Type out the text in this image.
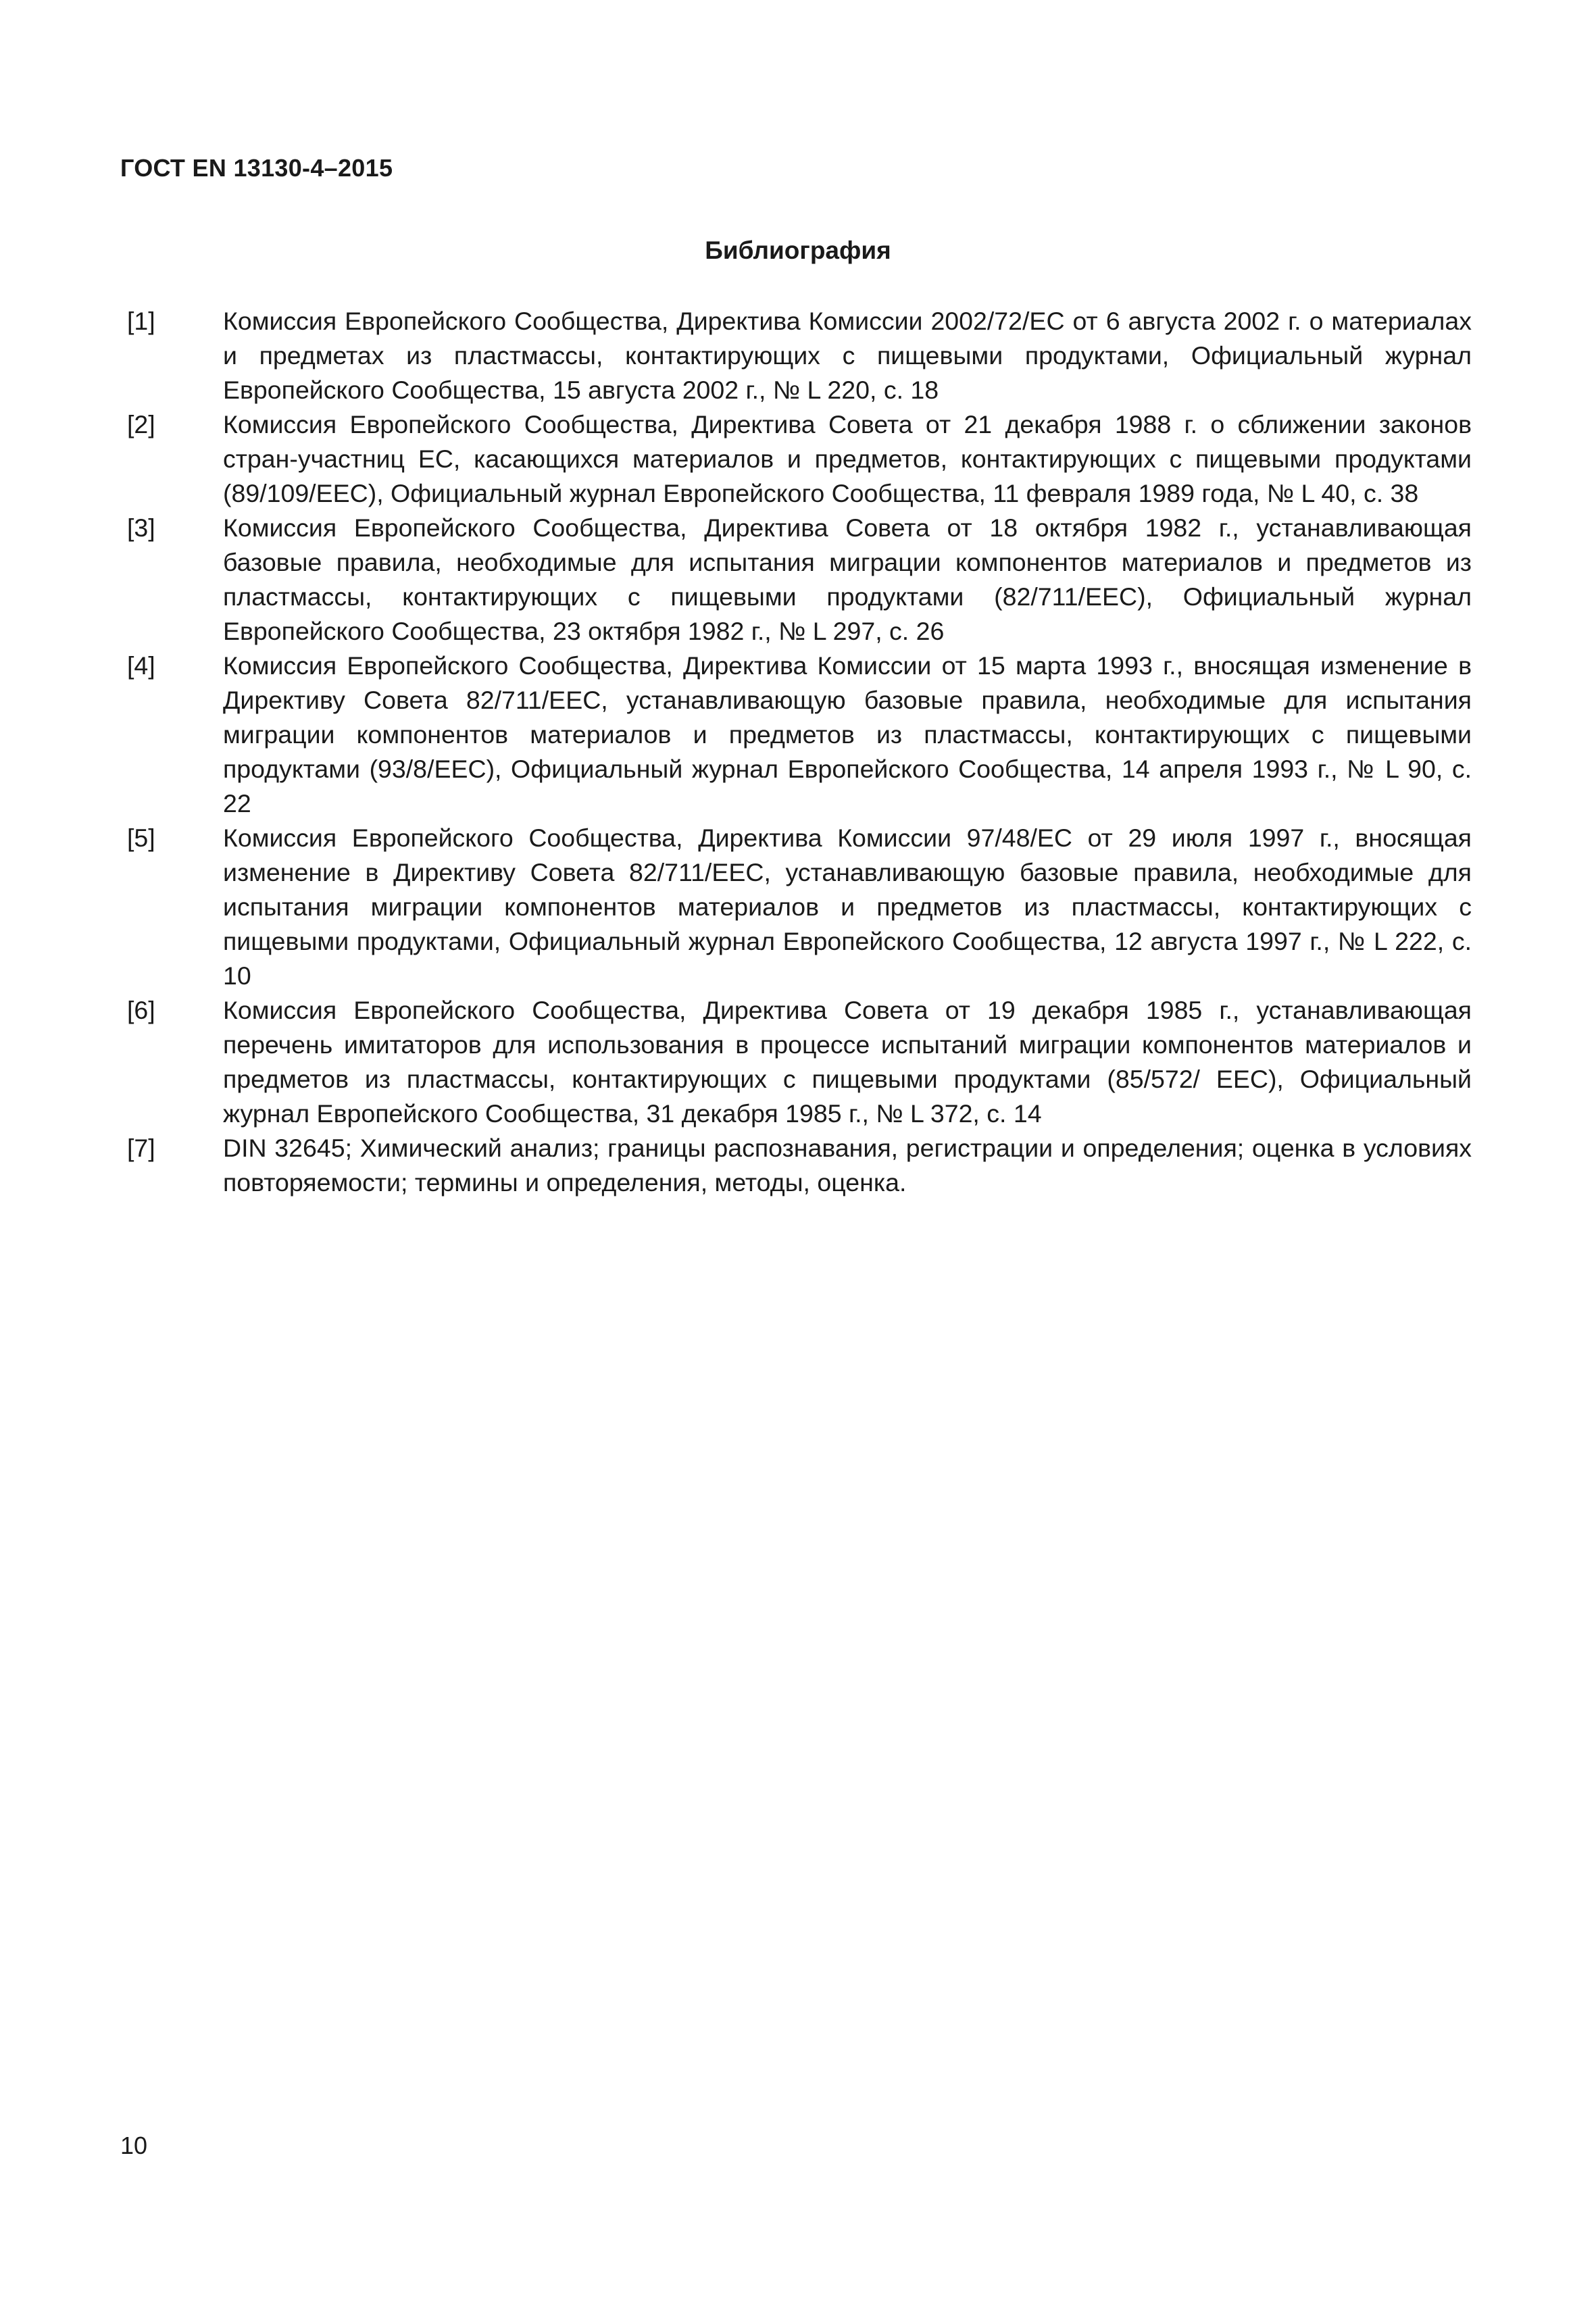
ГОСТ EN 13130-4–2015
Библиография
[1]	Комиссия Европейского Сообщества, Директива Комиссии 2002/72/ЕС от 6 августа 2002 г. о материалах и предметах из пластмассы, контактирующих с пищевыми продуктами, Официальный журнал Европейского Сообщества, 15 августа 2002 г., № L 220, с. 18
[2]	Комиссия Европейского Сообщества, Директива Совета от 21 декабря 1988 г. о сближении законов стран-участниц ЕС, касающихся материалов и предметов, контактирующих с пищевыми продуктами (89/109/ЕЕС), Официальный журнал Европейского Сообщества, 11 февраля 1989 года, № L 40, с. 38
[3]	Комиссия Европейского Сообщества, Директива Совета от 18 октября 1982 г., устанавливающая базовые правила, необходимые для испытания миграции компонентов материалов и предметов из пластмассы, контактирующих с пищевыми продуктами (82/711/ЕЕС), Официальный журнал Европейского Сообщества, 23 октября 1982 г., № L 297, с. 26
[4]	Комиссия Европейского Сообщества, Директива Комиссии от 15 марта 1993 г., вносящая изменение в Директиву Совета 82/711/ЕЕС, устанавливающую базовые правила, необходимые для испытания миграции компонентов материалов и предметов из пластмассы, контактирующих с пищевыми продуктами (93/8/ЕЕС), Официальный журнал Европейского Сообщества, 14 апреля 1993 г., № L 90, с. 22
[5]	Комиссия Европейского Сообщества, Директива Комиссии 97/48/ЕС от 29 июля 1997 г., вносящая изменение в Директиву Совета 82/711/ЕЕС, устанавливающую базовые правила, необходимые для испытания миграции компонентов материалов и предметов из пластмассы, контактирующих с пищевыми продуктами, Официальный журнал Европейского Сообщества, 12 августа 1997 г., № L 222, с. 10
[6]	Комиссия Европейского Сообщества, Директива Совета от 19 декабря 1985 г., устанавливающая перечень имитаторов для использования в процессе испытаний миграции компонентов материалов и предметов из пластмассы, контактирующих с пищевыми продуктами (85/572/ ЕЕС), Официальный журнал Европейского Сообщества, 31 декабря 1985 г., № L 372, с. 14
[7]	DIN 32645; Химический анализ; границы распознавания, регистрации и определения; оценка в условиях повторяемости; термины и определения, методы, оценка.
10
